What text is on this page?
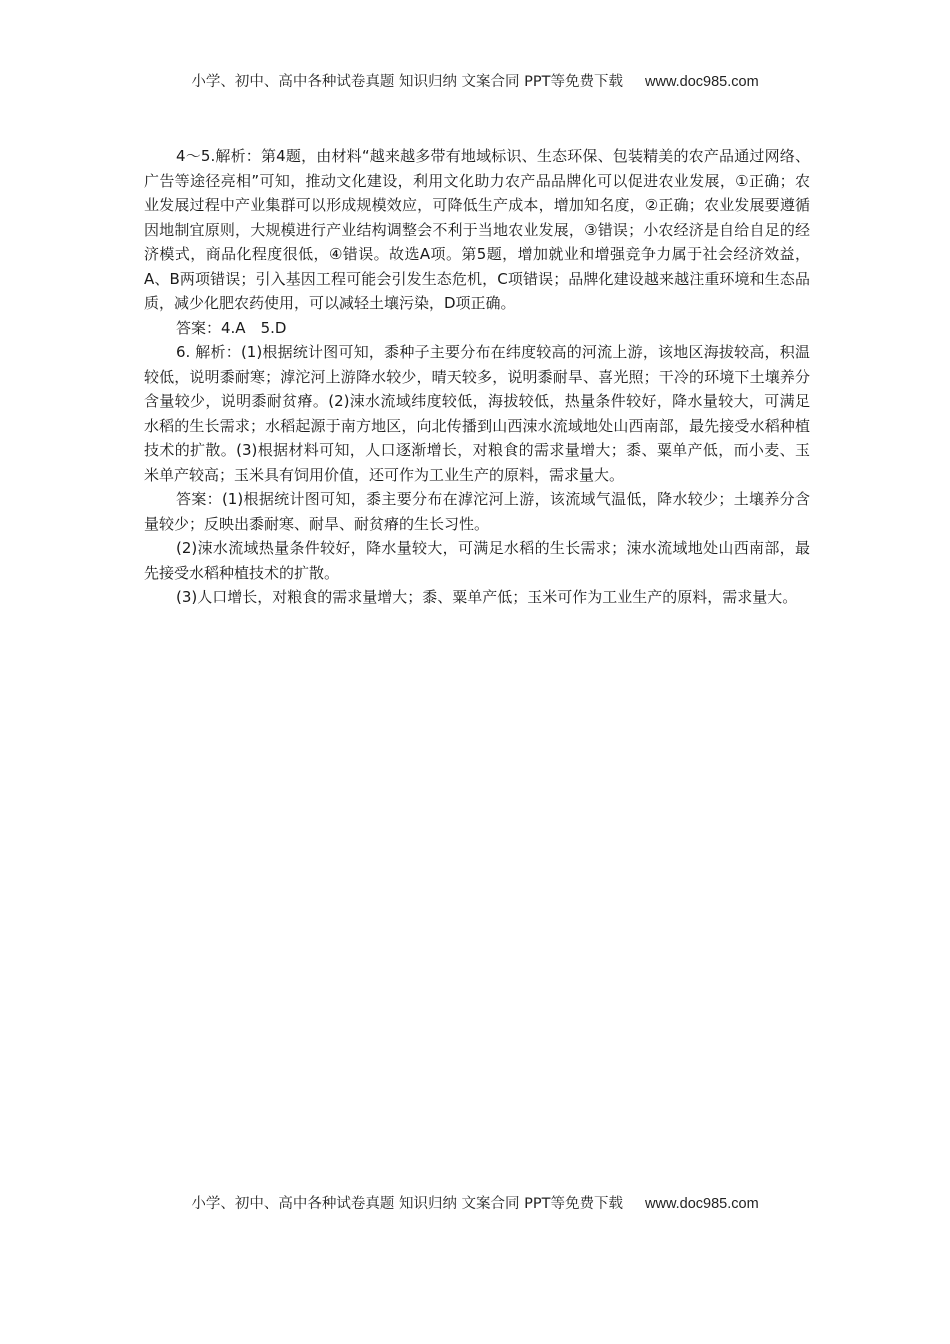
小学、初中、高中各种试卷真题 知识归纳 文案合同 PPT等免费下载 www.doc985.com

4～5.解析：第4题，由材料“越来越多带有地域标识、生态环保、包装精美的农产品通过网络、广告等途径亮相”可知，推动文化建设，利用文化助力农产品品牌化可以促进农业发展，①正确；农业发展过程中产业集群可以形成规模效应，可降低生产成本，增加知名度，②正确；农业发展要遵循因地制宜原则，大规模进行产业结构调整会不利于当地农业发展，③错误；小农经济是自给自足的经济模式，商品化程度很低，④错误。故选A项。第5题，增加就业和增强竞争力属于社会经济效益，A、B两项错误；引入基因工程可能会引发生态危机，C项错误；品牌化建设越来越注重环境和生态品质，减少化肥农药使用，可以减轻土壤污染，D项正确。

答案：4.A　5.D

6. 解析：(1)根据统计图可知，黍种子主要分布在纬度较高的河流上游，该地区海拔较高，积温较低，说明黍耐寒；滹沱河上游降水较少，晴天较多，说明黍耐旱、喜光照；干冷的环境下土壤养分含量较少，说明黍耐贫瘠。(2)涑水流域纬度较低，海拔较低，热量条件较好，降水量较大，可满足水稻的生长需求；水稻起源于南方地区，向北传播到山西涑水流域地处山西南部，最先接受水稻种植技术的扩散。(3)根据材料可知，人口逐渐增长，对粮食的需求量增大；黍、粟单产低，而小麦、玉米单产较高；玉米具有饲用价值，还可作为工业生产的原料，需求量大。

答案：(1)根据统计图可知，黍主要分布在滹沱河上游，该流域气温低，降水较少；土壤养分含量较少；反映出黍耐寒、耐旱、耐贫瘠的生长习性。

(2)涑水流域热量条件较好，降水量较大，可满足水稻的生长需求；涑水流域地处山西南部，最先接受水稻种植技术的扩散。

(3)人口增长，对粮食的需求量增大；黍、粟单产低；玉米可作为工业生产的原料，需求量大。

小学、初中、高中各种试卷真题 知识归纳 文案合同 PPT等免费下载 www.doc985.com
